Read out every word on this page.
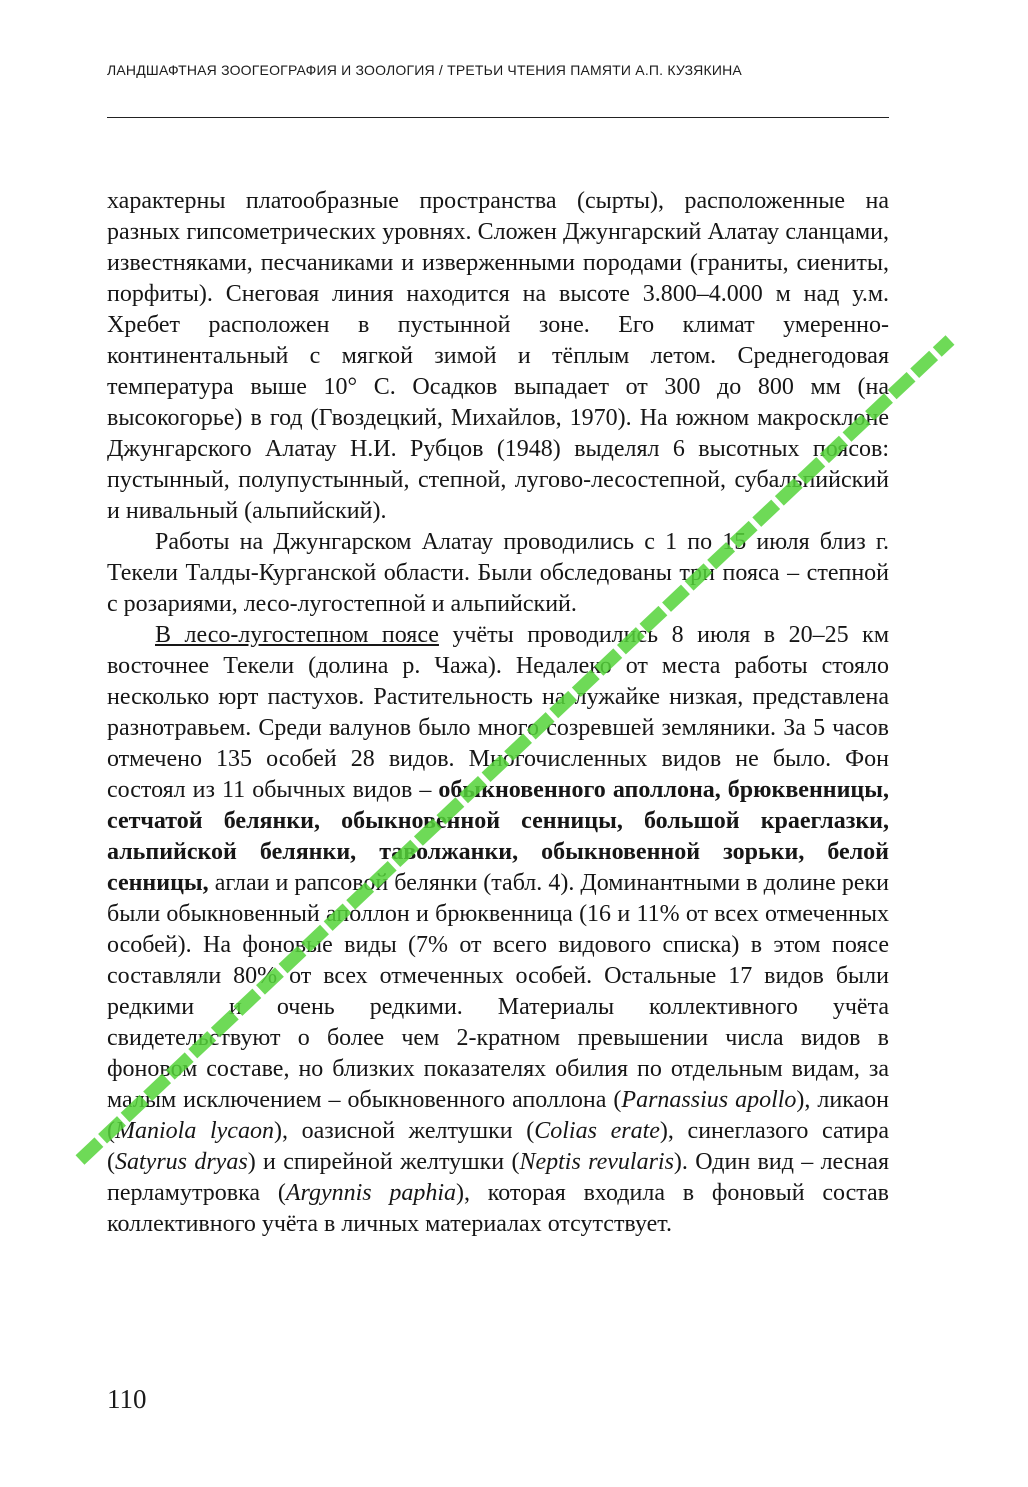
ЛАНДШАФТНАЯ ЗООГЕОГРАФИЯ И ЗООЛОГИЯ / ТРЕТЬИ ЧТЕНИЯ ПАМЯТИ А.П. КУЗЯКИНА

характерны платообразные пространства (сырты), расположенные на разных гипсометрических уровнях. Сложен Джунгарский Алатау сланцами, известняками, песчаниками и изверженными породами (граниты, сиениты, порфиты). Снеговая линия находится на высоте 3.800–4.000 м над у.м. Хребет расположен в пустынной зоне. Его климат умеренно-континентальный с мягкой зимой и тёплым летом. Среднегодовая температура выше 10° С. Осадков выпадает от 300 до 800 мм (на высокогорье) в год (Гвоздецкий, Михайлов, 1970). На южном макросклоне Джунгарского Алатау Н.И. Рубцов (1948) выделял 6 высотных поясов: пустынный, полупустынный, степной, лугово-лесостепной, субальпийский и нивальный (альпийский).

Работы на Джунгарском Алатау проводились с 1 по 15 июля близ г. Текели Талды-Курганской области. Были обследованы три пояса – степной с розариями, лесо-лугостепной и альпийский.

В лесо-лугостепном поясе учёты проводились 8 июля в 20–25 км восточнее Текели (долина р. Чажа). Недалеко от места работы стояло несколько юрт пастухов. Растительность на лужайке низкая, представлена разнотравьем. Среди валунов было много созревшей земляники. За 5 часов отмечено 135 особей 28 видов. Многочисленных видов не было. Фон состоял из 11 обычных видов – обыкновенного аполлона, брюквенницы, сетчатой белянки, обыкновенной сенницы, большой краеглазки, альпийской белянки, таволжанки, обыкновенной зорьки, белой сенницы, аглаи и рапсовой белянки (табл. 4). Доминантными в долине реки были обыкновенный аполлон и брюквенница (16 и 11% от всех отмеченных особей). На фоновые виды (7% от всего видового списка) в этом поясе составляли 80% от всех отмеченных особей. Остальные 17 видов были редкими и очень редкими. Материалы коллективного учёта свидетельствуют о более чем 2-кратном превышении числа видов в фоновом составе, но близких показателях обилия по отдельным видам, за малым исключением – обыкновенного аполлона (Parnassius apollo), ликаон (Maniola lycaon), оазисной желтушки (Colias erate), синеглазого сатира (Satyrus dryas) и спирейной желтушки (Neptis revularis). Один вид – лесная перламутровка (Argynnis paphia), которая входила в фоновый состав коллективного учёта в личных материалах отсутствует.

110
